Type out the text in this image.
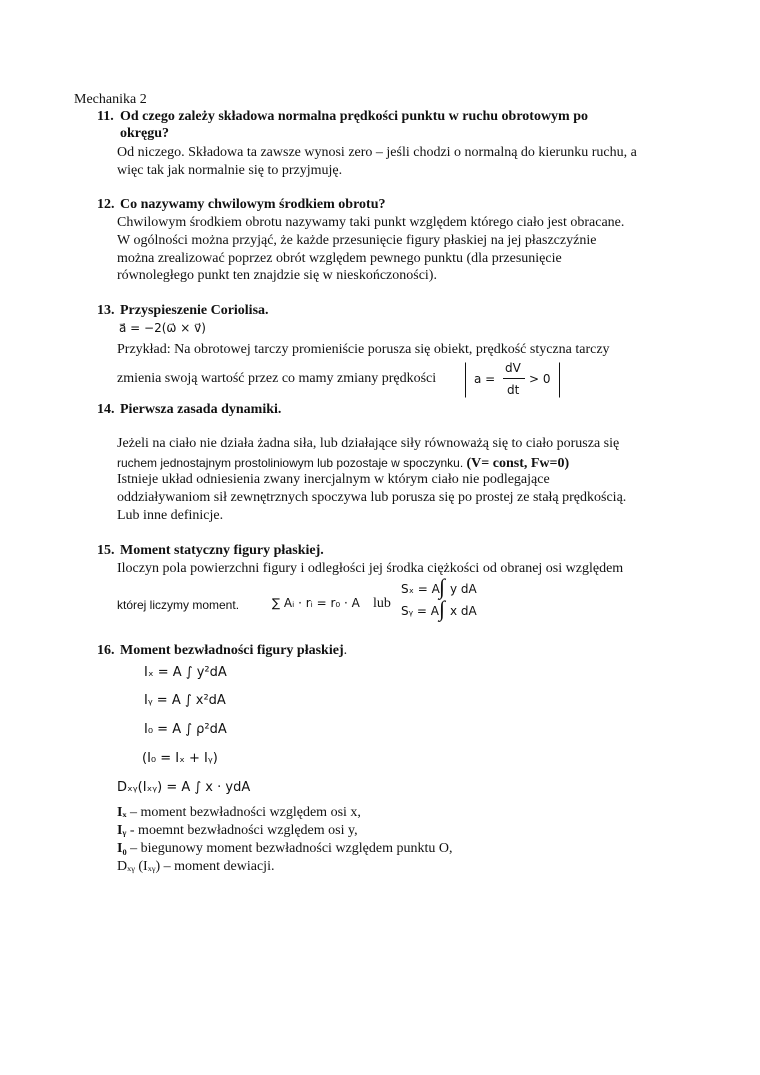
Mechanika 2
11. Od czego zależy składowa normalna prędkości punktu w ruchu obrotowym po
okręgu?
Od niczego. Składowa ta zawsze wynosi zero – jeśli chodzi o normalną do kierunku ruchu, a
więc tak jak normalnie się to przyjmuję.
12. Co nazywamy chwilowym środkiem obrotu?
Chwilowym środkiem obrotu nazywamy taki punkt względem którego ciało jest obracane.
W ogólności można przyjąć, że każde przesunięcie figury płaskiej na jej płaszczyźnie
można zrealizować poprzez obrót względem pewnego punktu (dla przesunięcie
równoległego punkt ten znajdzie się w nieskończoności).
13. Przyspieszenie Coriolisa.
a⃗ = −2(ω⃗ × v⃗)
Przykład: Na obrotowej tarczy promieniście porusza się obiekt, prędkość styczna tarczy
zmienia swoją wartość przez co mamy zmiany prędkości	a =
dV
dt
> 0
14. Pierwsza zasada dynamiki.
Jeżeli na ciało nie działa żadna siła, lub działające siły równoważą się to ciało porusza się
ruchem jednostajnym prostoliniowym lub pozostaje w spoczynku. (V= const, Fw=0)
Istnieje układ odniesienia zwany inercjalnym w którym ciało nie podlegające
oddziaływaniom sił zewnętrznych spoczywa lub porusza się po prostej ze stałą prędkością.
Lub inne definicje.
15. Moment statyczny figury płaskiej.
Iloczyn pola powierzchni figury i odległości jej środka ciężkości od obranej osi względem
której liczymy moment.	∑ Aᵢ · rᵢ = r₀ · A lub
Sₓ = A ∫ y dA
Sᵧ = A ∫ x dA
16. Moment bezwładności figury płaskiej.
Iₓ = A ∫ y²dA
Iᵧ = A ∫ x²dA
I₀ = A ∫ ρ²dA
(I₀ = Iₓ + Iᵧ)
Dₓᵧ(Iₓᵧ) = A ∫ x · ydA
Iₓ – moment bezwładności względem osi x,
Iᵧ - moemnt bezwładności względem osi y,
I₀ – biegunowy moment bezwładności względem punktu O,
Dₓᵧ (Iₓᵧ) – moment dewiacji.
